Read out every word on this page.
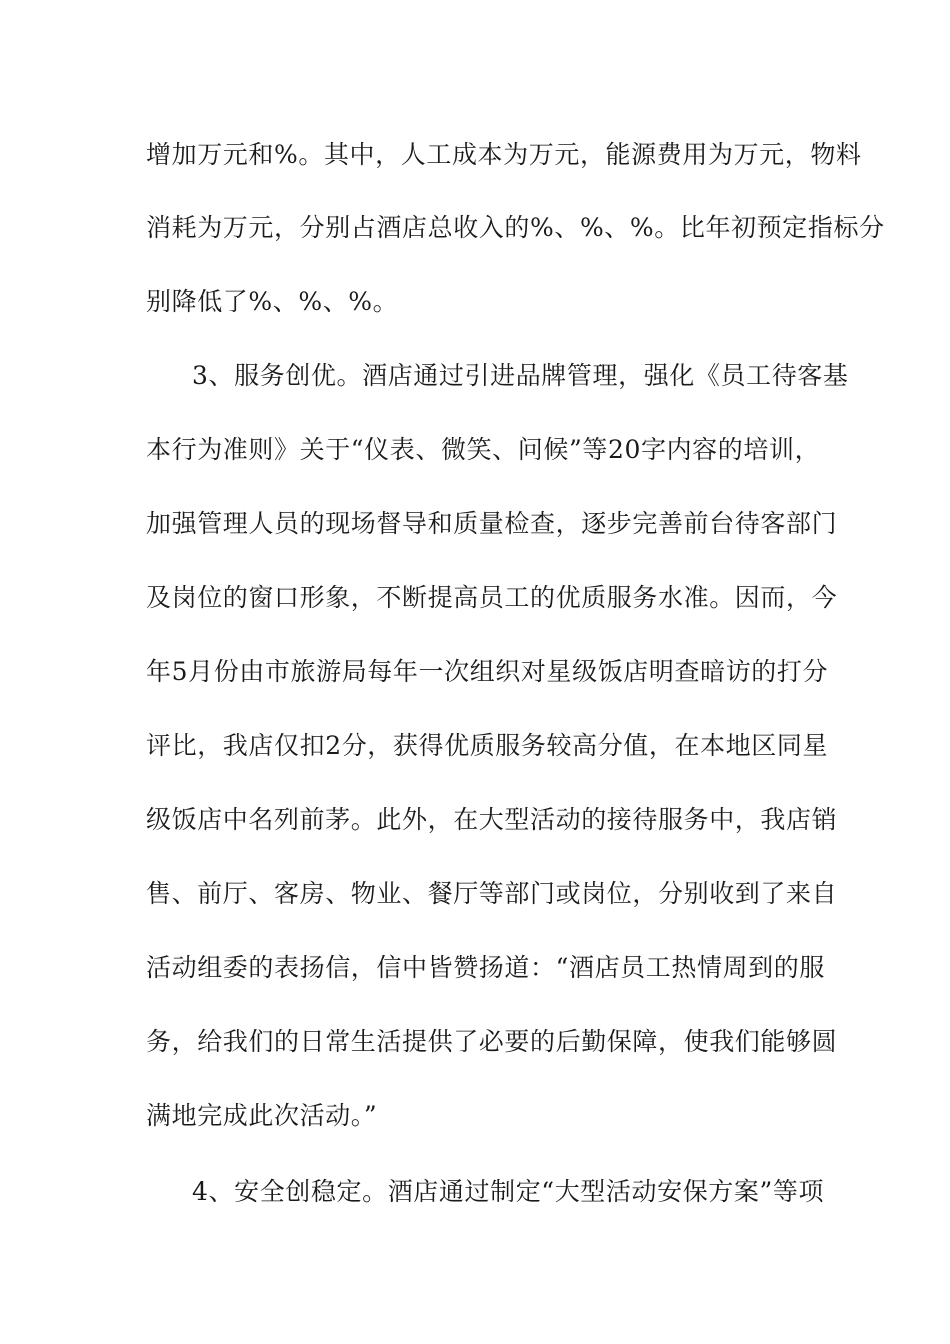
增加万元和%。其中，人工成本为万元，能源费用为万元，物料
消耗为万元，分别占酒店总收入的%、%、%。比年初预定指标分
别降低了%、%、%。
3、服务创优。酒店通过引进品牌管理，强化《员工待客基
本行为准则》关于“仪表、微笑、问候”等20字内容的培训，
加强管理人员的现场督导和质量检查，逐步完善前台待客部门
及岗位的窗口形象，不断提高员工的优质服务水准。因而，今
年5月份由市旅游局每年一次组织对星级饭店明查暗访的打分
评比，我店仅扣2分，获得优质服务较高分值，在本地区同星
级饭店中名列前茅。此外，在大型活动的接待服务中，我店销
售、前厅、客房、物业、餐厅等部门或岗位，分别收到了来自
活动组委的表扬信，信中皆赞扬道：“酒店员工热情周到的服
务，给我们的日常生活提供了必要的后勤保障，使我们能够圆
满地完成此次活动。”
4、安全创稳定。酒店通过制定“大型活动安保方案”等项
